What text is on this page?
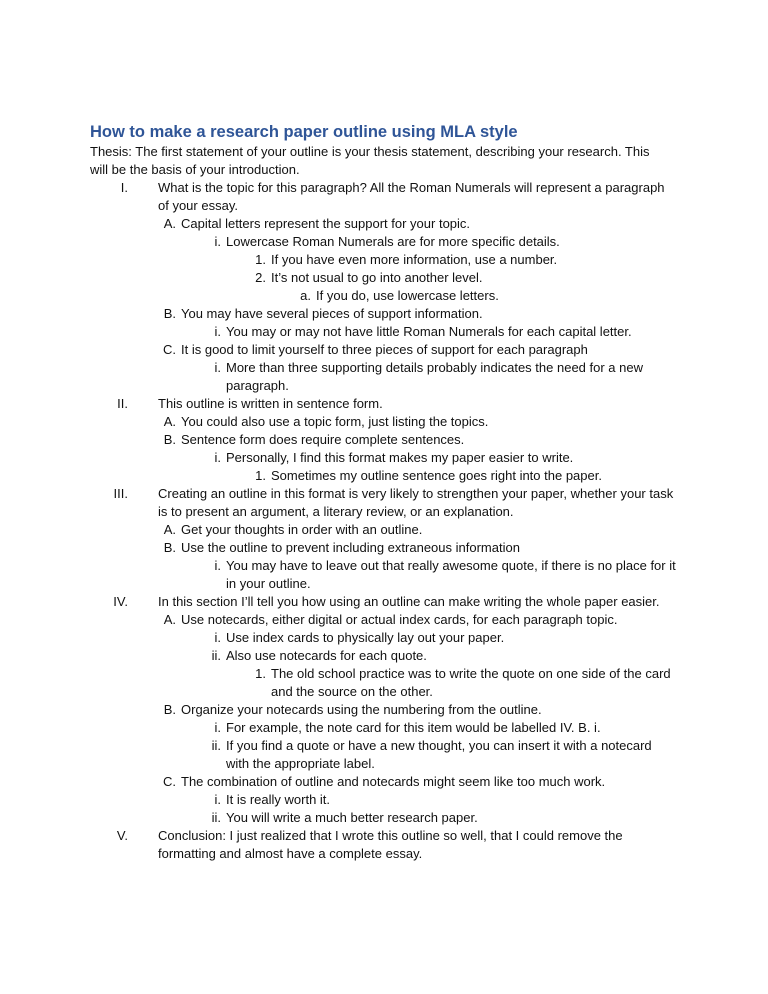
How to make a research paper outline using MLA style
Thesis: The first statement of your outline is your thesis statement, describing your research. This will be the basis of your introduction.
I. What is the topic for this paragraph? All the Roman Numerals will represent a paragraph of your essay.
A. Capital letters represent the support for your topic.
i. Lowercase Roman Numerals are for more specific details.
1. If you have even more information, use a number.
2. It’s not usual to go into another level.
a. If you do, use lowercase letters.
B. You may have several pieces of support information.
i. You may or may not have little Roman Numerals for each capital letter.
C. It is good to limit yourself to three pieces of support for each paragraph
i. More than three supporting details probably indicates the need for a new paragraph.
II. This outline is written in sentence form.
A. You could also use a topic form, just listing the topics.
B. Sentence form does require complete sentences.
i. Personally, I find this format makes my paper easier to write.
1. Sometimes my outline sentence goes right into the paper.
III. Creating an outline in this format is very likely to strengthen your paper, whether your task is to present an argument, a literary review, or an explanation.
A. Get your thoughts in order with an outline.
B. Use the outline to prevent including extraneous information
i. You may have to leave out that really awesome quote, if there is no place for it in your outline.
IV. In this section I’ll tell you how using an outline can make writing the whole paper easier.
A. Use notecards, either digital or actual index cards, for each paragraph topic.
i. Use index cards to physically lay out your paper.
ii. Also use notecards for each quote.
1. The old school practice was to write the quote on one side of the card and the source on the other.
B. Organize your notecards using the numbering from the outline.
i. For example, the note card for this item would be labelled IV. B. i.
ii. If you find a quote or have a new thought, you can insert it with a notecard with the appropriate label.
C. The combination of outline and notecards might seem like too much work.
i. It is really worth it.
ii. You will write a much better research paper.
V. Conclusion: I just realized that I wrote this outline so well, that I could remove the formatting and almost have a complete essay.
